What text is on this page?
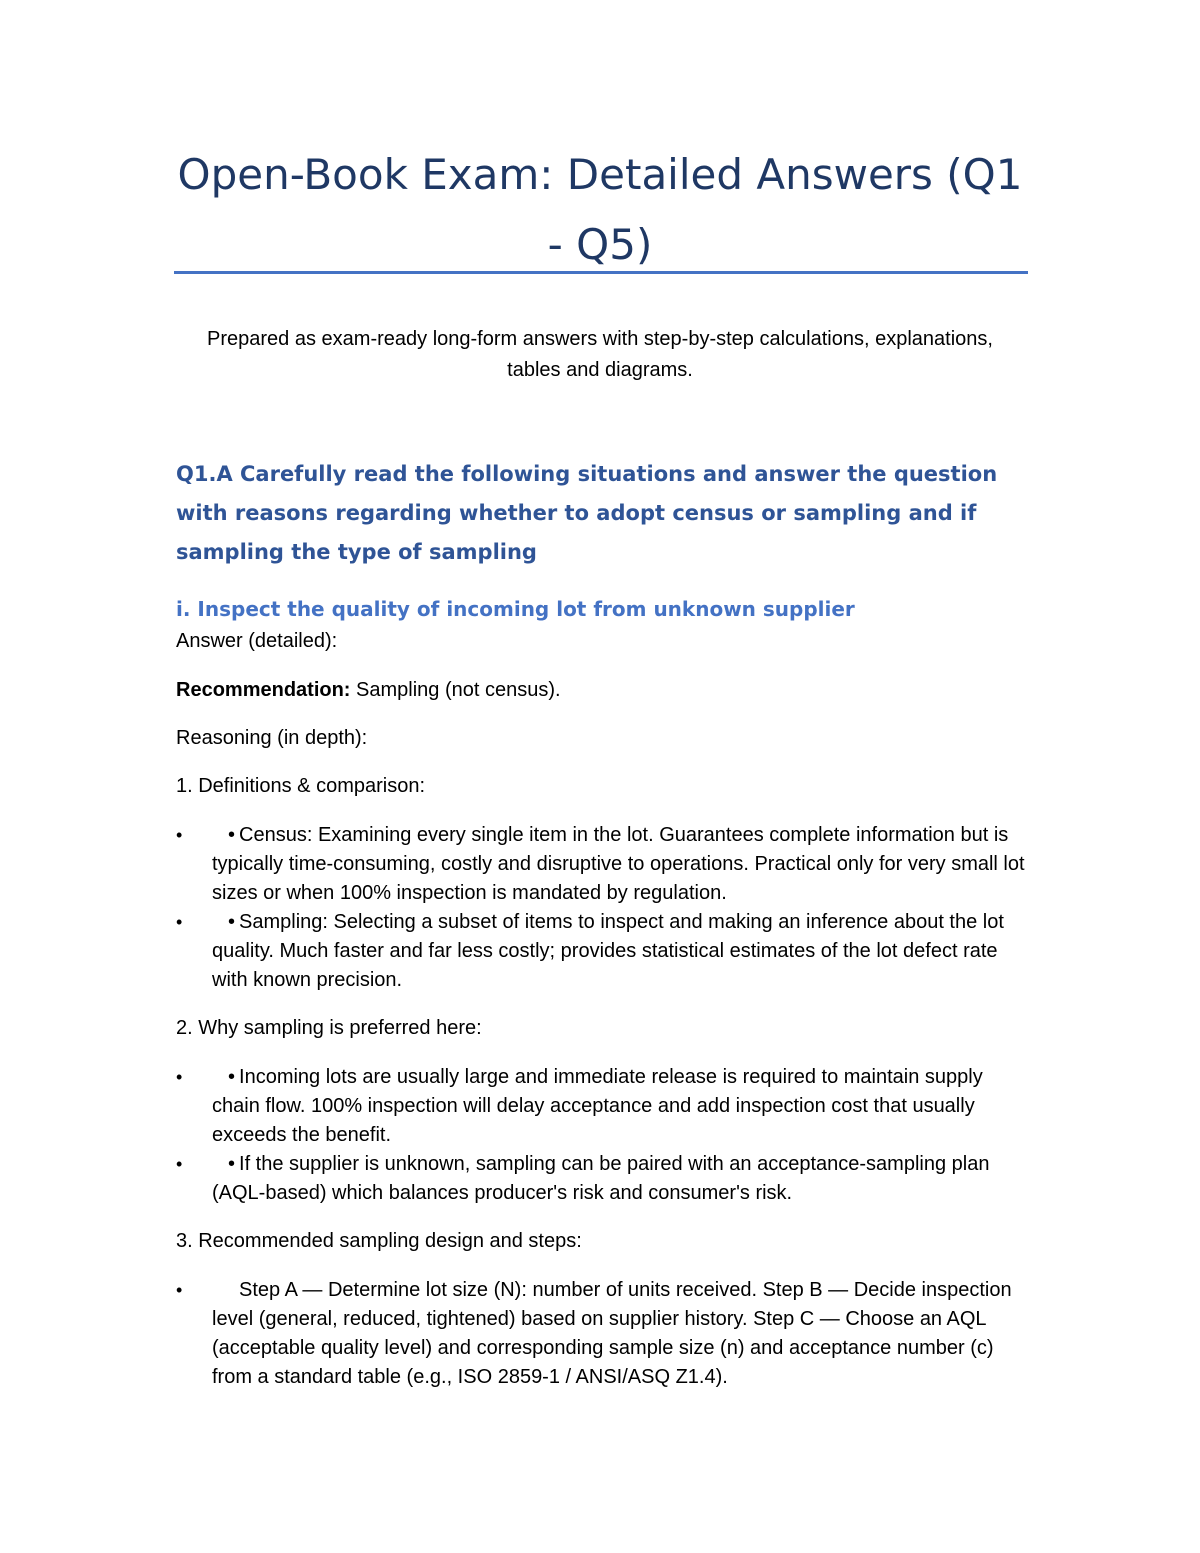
Open-Book Exam: Detailed Answers (Q1 - Q5)

Prepared as exam-ready long-form answers with step-by-step calculations, explanations, tables and diagrams.

Q1.A Carefully read the following situations and answer the question with reasons regarding whether to adopt census or sampling and if sampling the type of sampling
i. Inspect the quality of incoming lot from unknown supplier

Answer (detailed):

Recommendation: Sampling (not census).

Reasoning (in depth):

1. Definitions & comparison:

•	• Census: Examining every single item in the lot. Guarantees complete information but is typically time-consuming, costly and disruptive to operations. Practical only for very small lot sizes or when 100% inspection is mandated by regulation.
•	• Sampling: Selecting a subset of items to inspect and making an inference about the lot quality. Much faster and far less costly; provides statistical estimates of the lot defect rate with known precision.

2. Why sampling is preferred here:

•	• Incoming lots are usually large and immediate release is required to maintain supply chain flow. 100% inspection will delay acceptance and add inspection cost that usually exceeds the benefit.
•	• If the supplier is unknown, sampling can be paired with an acceptance-sampling plan (AQL-based) which balances producer's risk and consumer's risk.

3. Recommended sampling design and steps:

•	Step A — Determine lot size (N): number of units received. Step B — Decide inspection level (general, reduced, tightened) based on supplier history. Step C — Choose an AQL (acceptable quality level) and corresponding sample size (n) and acceptance number (c) from a standard table (e.g., ISO 2859-1 / ANSI/ASQ Z1.4).
